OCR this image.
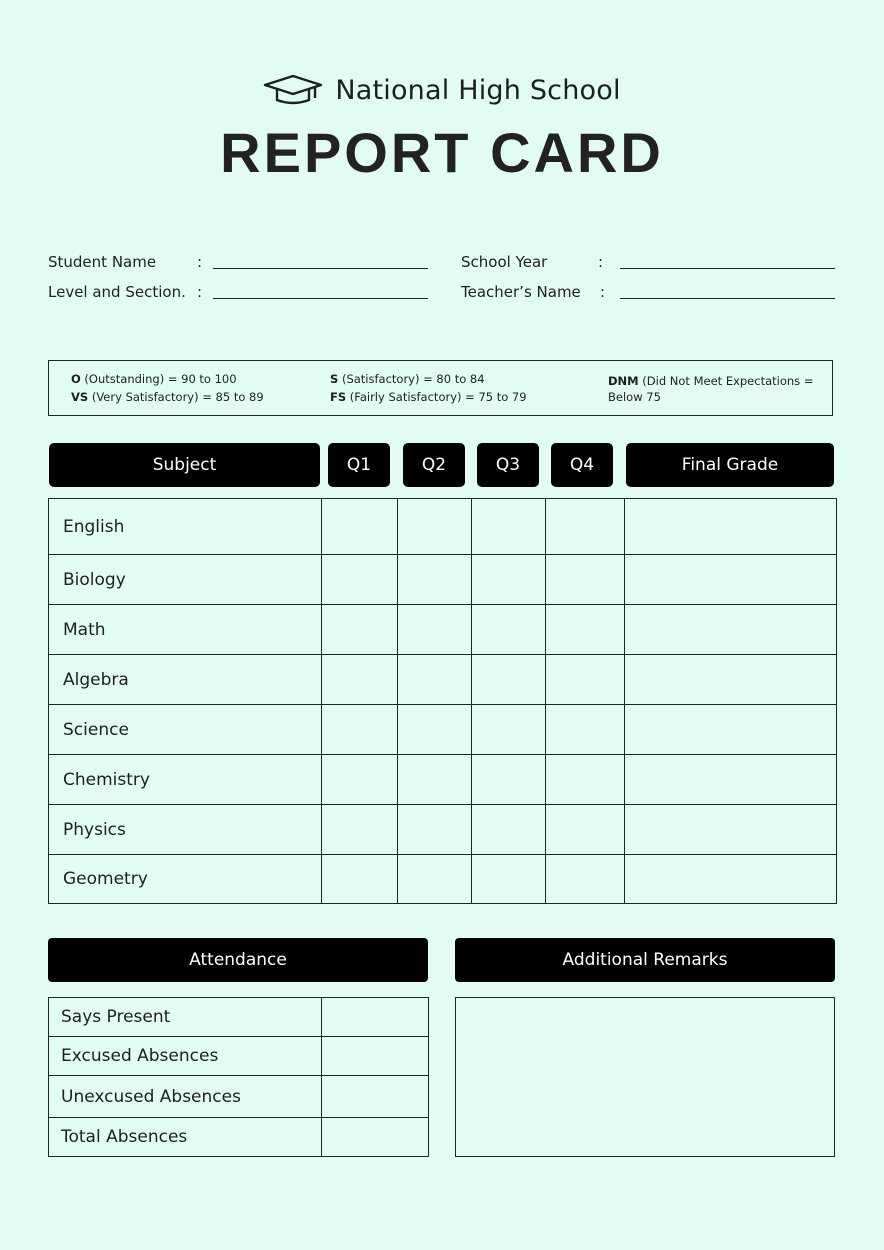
National High School
REPORT CARD
Student Name	:
Level and Section. :
School Year	:
Teacher’s Name :
O (Outstanding) = 90 to 100
VS (Very Satisfactory) = 85 to 89
S (Satisfactory) = 80 to 84
FS (Fairly Satisfactory) = 75 to 79
DNM (Did Not Meet Expectations =
Below 75
Subject	Q1	Q2	Q3	Q4	Final Grade
English					
Biology					
Math					
Algebra					
Science					
Chemistry					
Physics					
Geometry					
Attendance	Additional Remarks
Says Present	
Excused Absences	
Unexcused Absences	
Total Absences	
